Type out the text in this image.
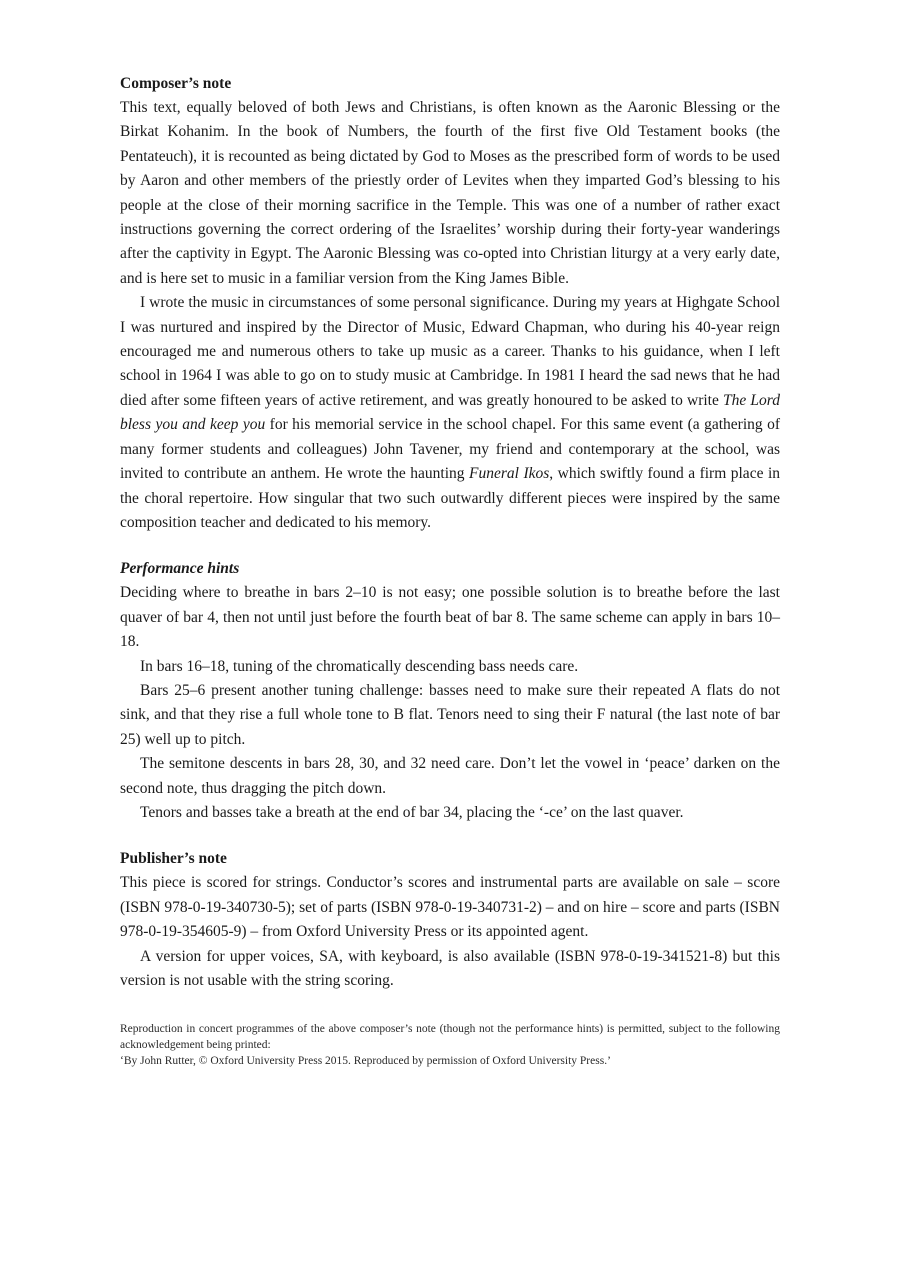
Composer’s note

This text, equally beloved of both Jews and Christians, is often known as the Aaronic Blessing or the Birkat Kohanim. In the book of Numbers, the fourth of the first five Old Testament books (the Pentateuch), it is recounted as being dictated by God to Moses as the prescribed form of words to be used by Aaron and other members of the priestly order of Levites when they imparted God’s blessing to his people at the close of their morning sacrifice in the Temple. This was one of a number of rather exact instructions governing the correct ordering of the Israelites’ worship during their forty-year wanderings after the captivity in Egypt. The Aaronic Blessing was co-opted into Christian liturgy at a very early date, and is here set to music in a familiar version from the King James Bible.

I wrote the music in circumstances of some personal significance. During my years at Highgate School I was nurtured and inspired by the Director of Music, Edward Chapman, who during his 40-year reign encouraged me and numerous others to take up music as a career. Thanks to his guidance, when I left school in 1964 I was able to go on to study music at Cambridge. In 1981 I heard the sad news that he had died after some fifteen years of active retirement, and was greatly honoured to be asked to write The Lord bless you and keep you for his memorial service in the school chapel. For this same event (a gathering of many former students and colleagues) John Tavener, my friend and contemporary at the school, was invited to contribute an anthem. He wrote the haunting Funeral Ikos, which swiftly found a firm place in the choral repertoire. How singular that two such outwardly different pieces were inspired by the same composition teacher and dedicated to his memory.

Performance hints

Deciding where to breathe in bars 2–10 is not easy; one possible solution is to breathe before the last quaver of bar 4, then not until just before the fourth beat of bar 8. The same scheme can apply in bars 10–18.

In bars 16–18, tuning of the chromatically descending bass needs care.

Bars 25–6 present another tuning challenge: basses need to make sure their repeated A flats do not sink, and that they rise a full whole tone to B flat. Tenors need to sing their F natural (the last note of bar 25) well up to pitch.

The semitone descents in bars 28, 30, and 32 need care. Don’t let the vowel in ‘peace’ darken on the second note, thus dragging the pitch down.

Tenors and basses take a breath at the end of bar 34, placing the ‘-ce’ on the last quaver.

Publisher’s note

This piece is scored for strings. Conductor’s scores and instrumental parts are available on sale – score (ISBN 978-0-19-340730-5); set of parts (ISBN 978-0-19-340731-2) – and on hire – score and parts (ISBN 978-0-19-354605-9) – from Oxford University Press or its appointed agent.

A version for upper voices, SA, with keyboard, is also available (ISBN 978-0-19-341521-8) but this version is not usable with the string scoring.

Reproduction in concert programmes of the above composer’s note (though not the performance hints) is permitted, subject to the following acknowledgement being printed:

‘By John Rutter, © Oxford University Press 2015. Reproduced by permission of Oxford University Press.’
